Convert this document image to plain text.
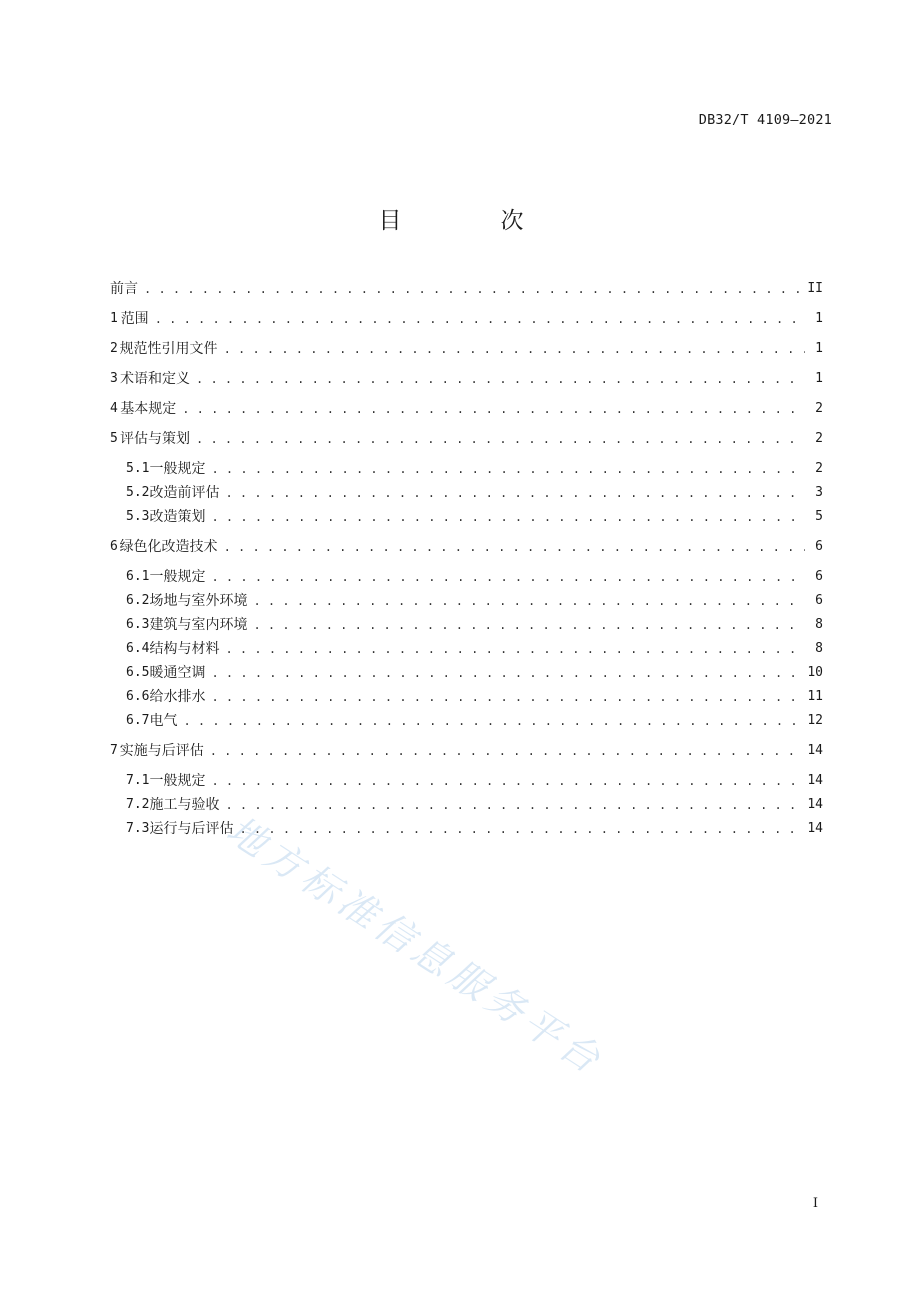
DB32/T 4109—2021
目　次
前言 . . .	II
1 范围 . . .	1
2 规范性引用文件 . . .	1
3 术语和定义 . . .	1
4 基本规定 . . .	2
5 评估与策划 . . .	2
5.1 一般规定 . . .	2
5.2 改造前评估 . . .	3
5.3 改造策划 . . .	5
6 绿色化改造技术 . . .	6
6.1 一般规定 . . .	6
6.2 场地与室外环境 . . .	6
6.3 建筑与室内环境 . . .	8
6.4 结构与材料 . . .	8
6.5 暖通空调 . . .	10
6.6 给水排水 . . .	11
6.7 电气 . . .	12
7 实施与后评估 . . .	14
7.1 一般规定 . . .	14
7.2 施工与验收 . . .	14
7.3 运行与后评估 . . .	14
地方标准信息服务平台
I
